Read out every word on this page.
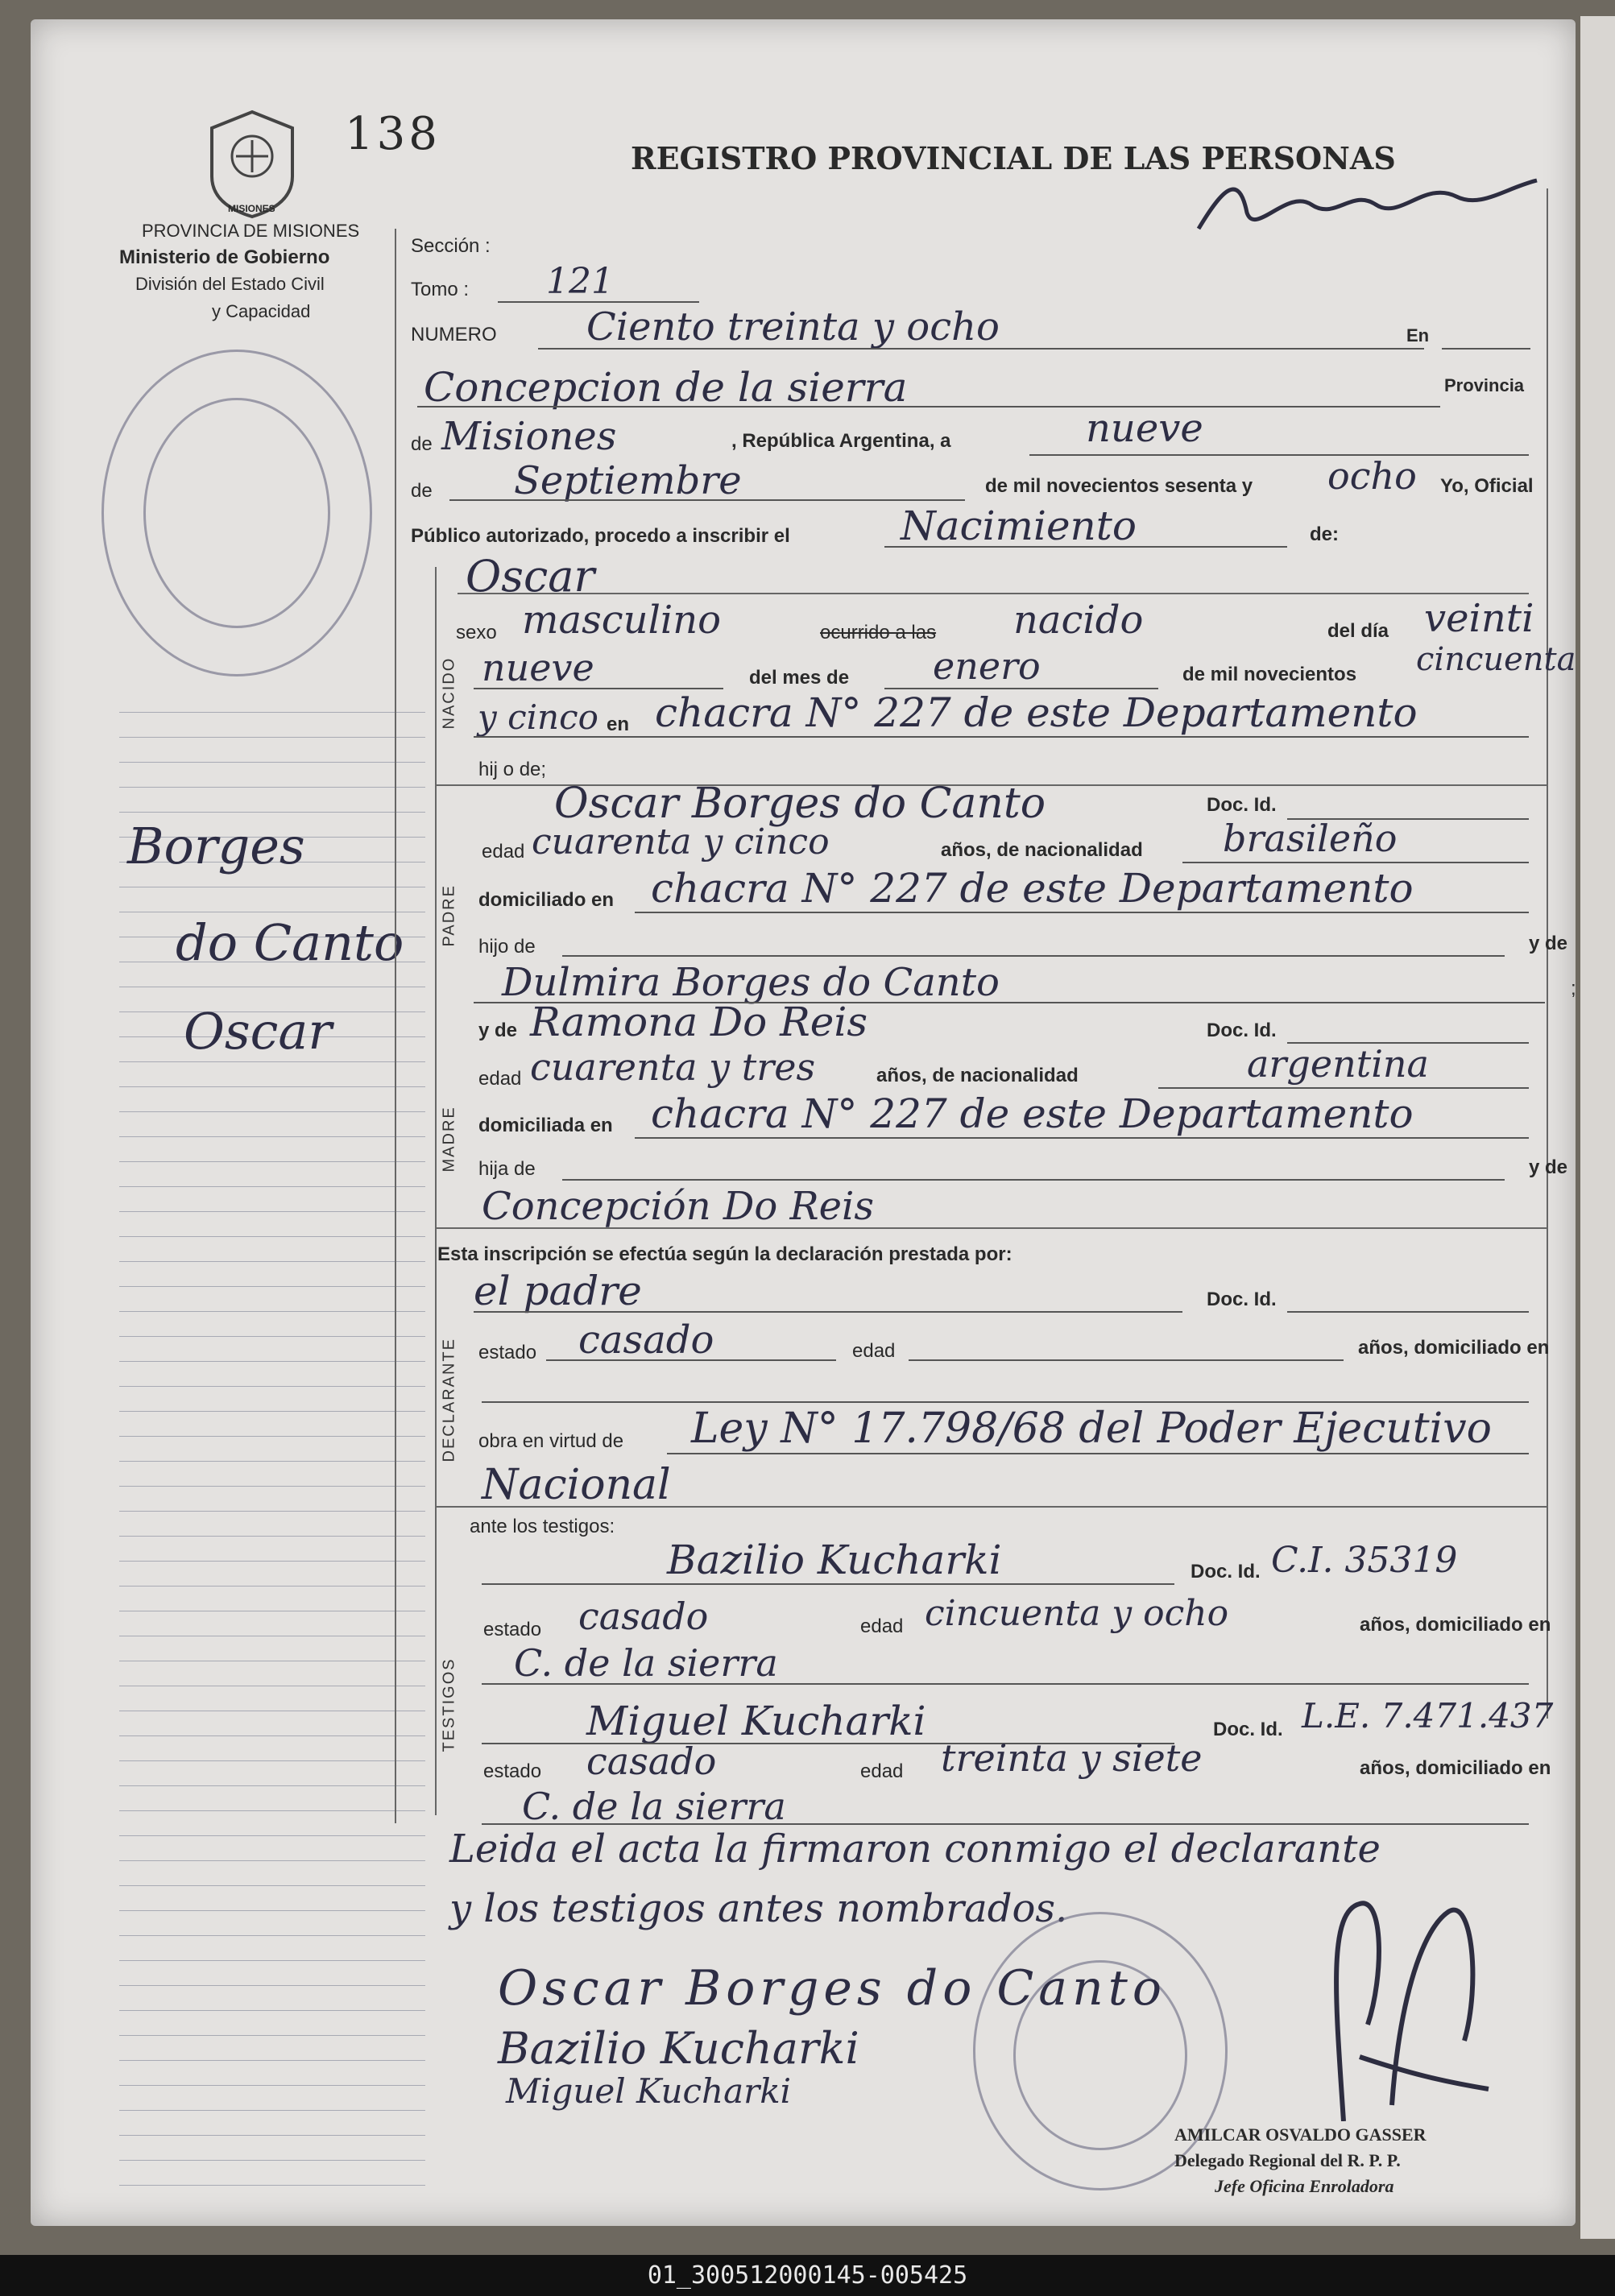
MISIONES
138	REGISTRO PROVINCIAL DE LAS PERSONAS
PROVINCIA DE MISIONES
Ministerio de Gobierno
División del Estado Civil
y Capacidad
Borges
do Canto
Oscar
Sección :
Tomo : 121
NUMERO Ciento treinta y ocho	En
Concepcion de la sierra	Provincia
de Misiones	, República Argentina, a	nueve
de Septiembre	de mil novecientos sesenta y ocho Yo, Oficial
Público autorizado, procedo a inscribir el	Nacimiento	de:
NACIDO
Oscar
sexo masculino	ocurrido a las nacido	del día veinti
nueve	del mes de enero	de mil novecientos cincuenta
y cinco en chacra N° 227 de este Departamento
hij o de;
PADRE
Oscar Borges do Canto	Doc. Id.
edad cuarenta y cinco	años, de nacionalidad brasileño
domiciliado en chacra N° 227 de este Departamento
hijo de	y de
Dulmira Borges do Canto	;
MADRE
y de Ramona Do Reis	Doc. Id.
edad cuarenta y tres	años, de nacionalidad	argentina
domiciliada en chacra N° 227 de este Departamento
hija de	y de
Concepción Do Reis
Esta inscripción se efectúa según la declaración prestada por:
DECLARANTE
el padre	Doc. Id.
estado casado	edad	años, domiciliado en
obra en virtud de Ley N° 17.798/68 del Poder Ejecutivo
Nacional
ante los testigos:
TESTIGOS
Bazilio Kucharki	Doc. Id. C.I. 35319
estado casado	edad cincuenta y ocho	años, domiciliado en
C. de la sierra
Miguel Kucharki	Doc. Id. L.E. 7.471.437
estado casado	edad treinta y siete	años, domiciliado en
C. de la sierra
Leida el acta la firmaron conmigo el declarante
y los testigos antes nombrados.
Oscar Borges do Canto
Bazilio Kucharki
Miguel Kucharki
AMILCAR OSVALDO GASSER
Delegado Regional del R. P. P.
Jefe Oficina Enroladora
01_300512000145-005425
